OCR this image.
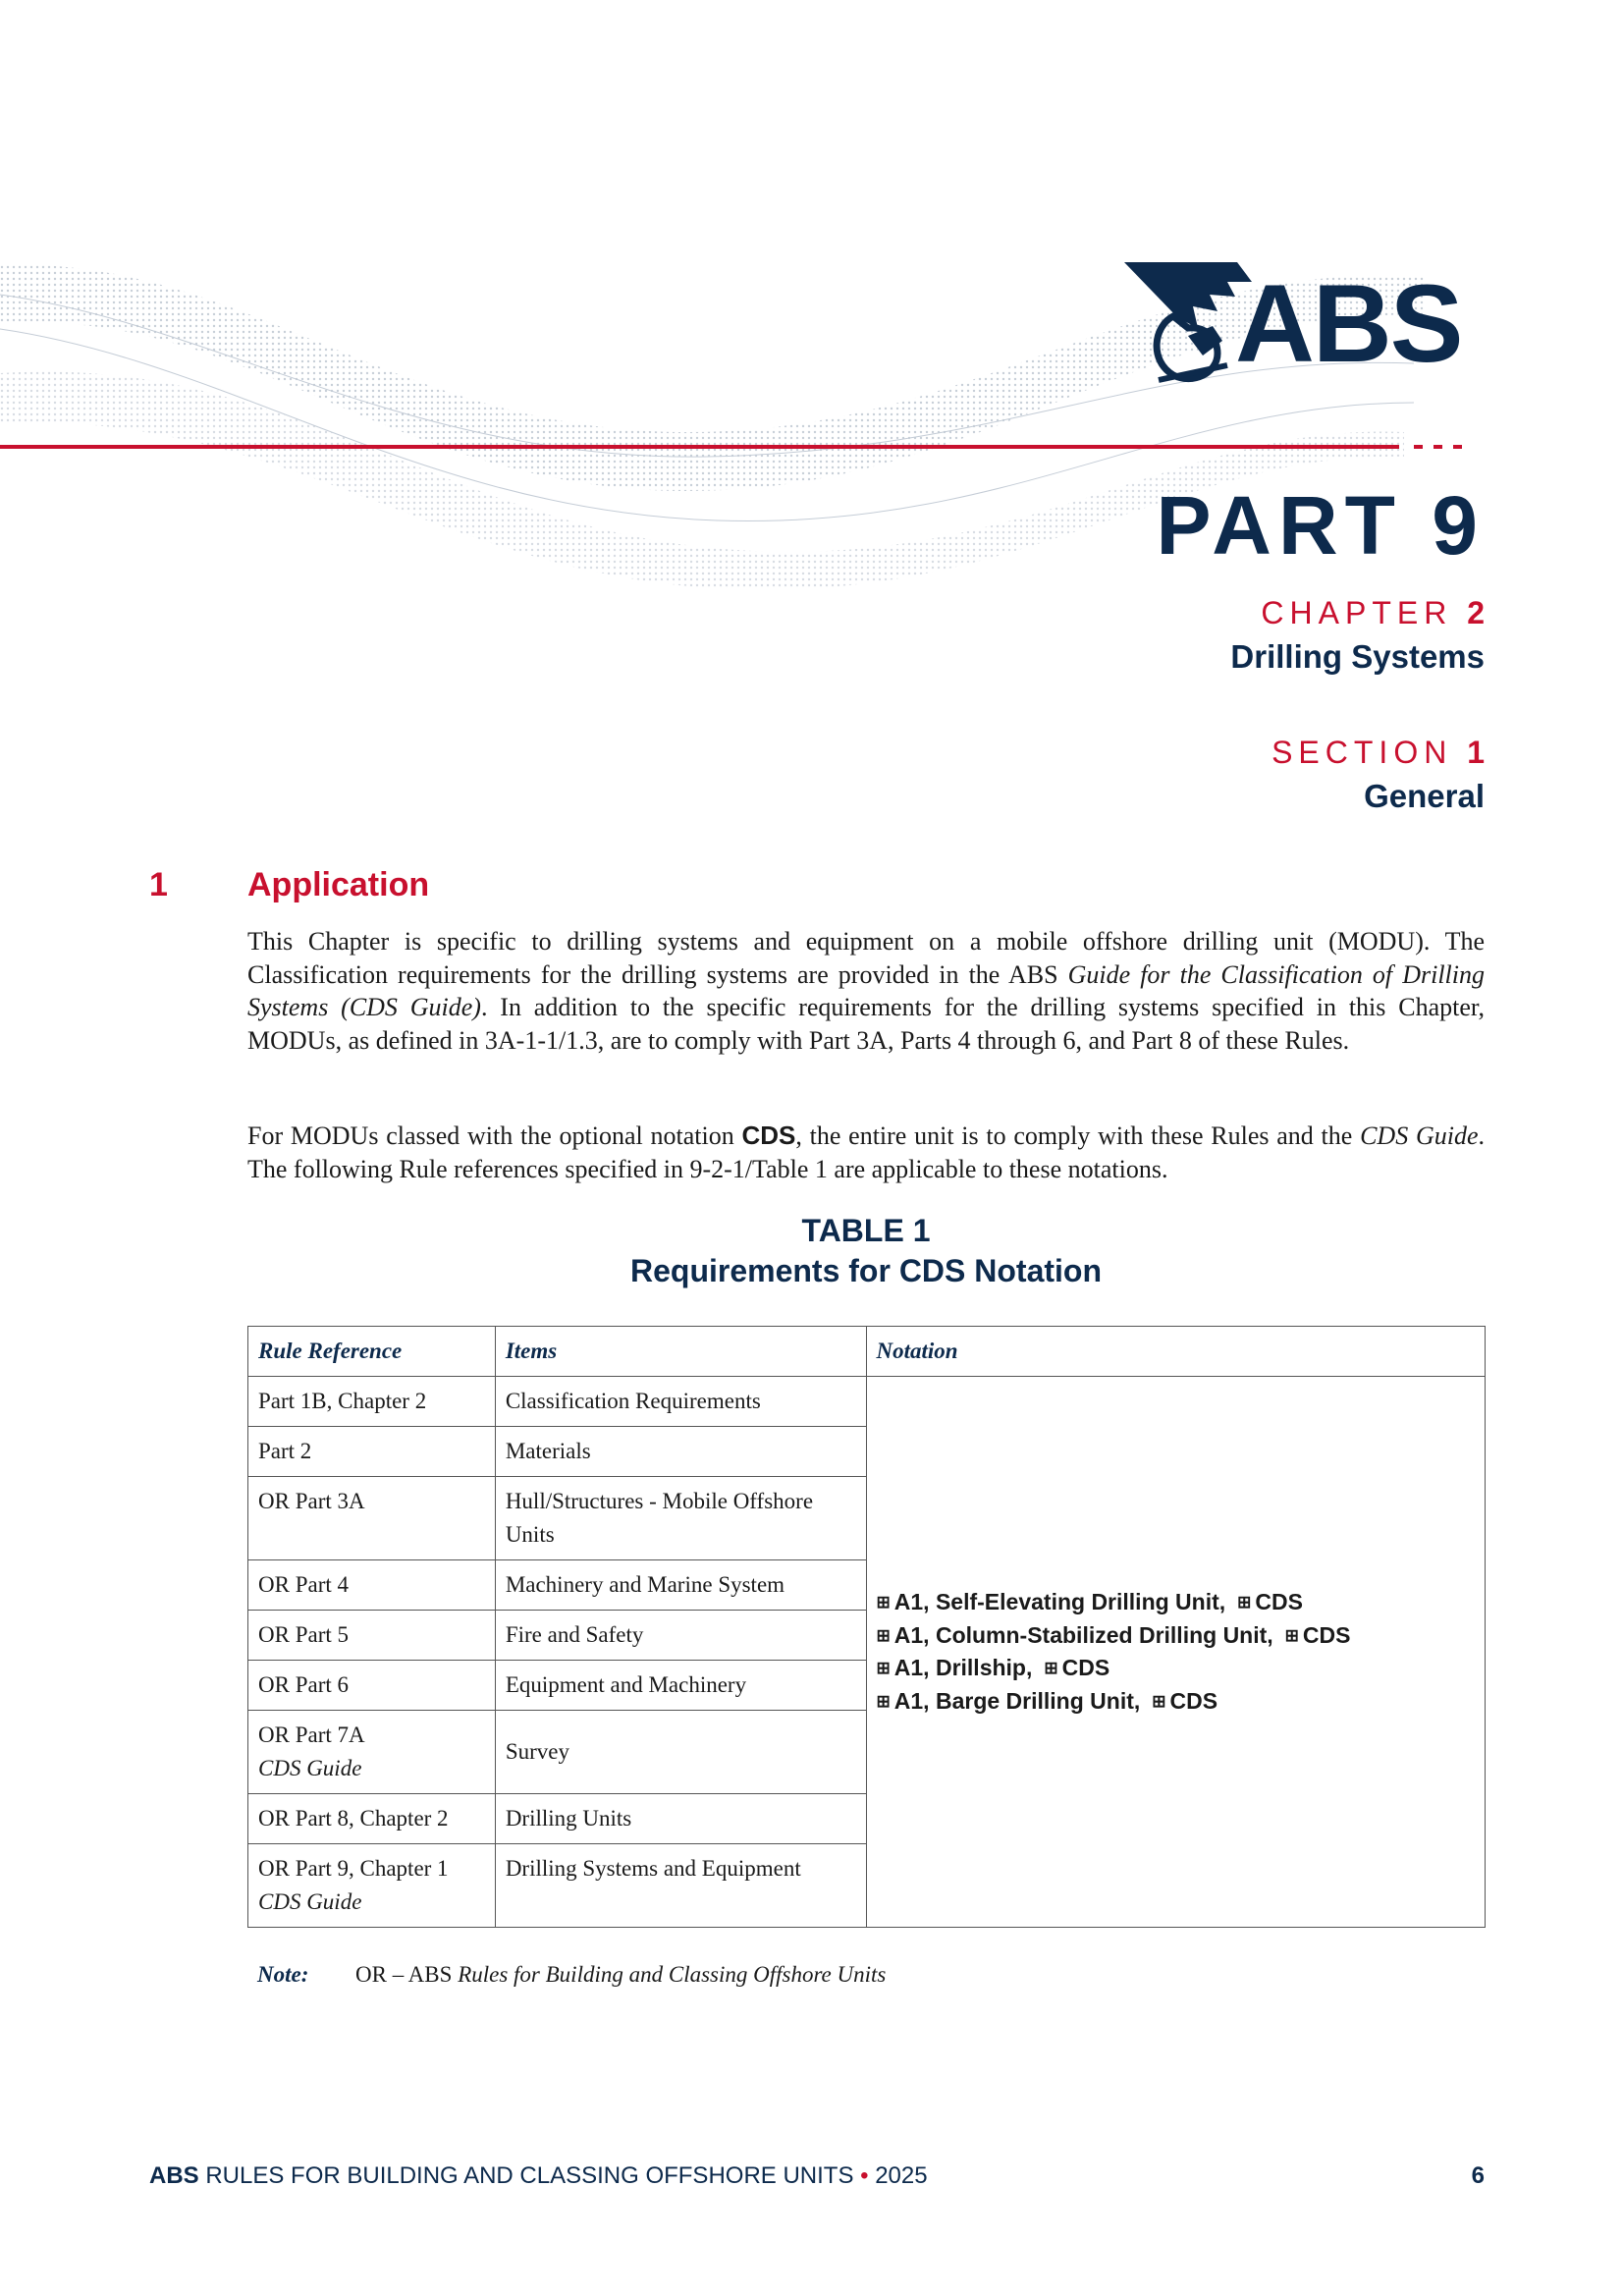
ABS
PART 9
CHAPTER 2
Drilling Systems
SECTION 1
General
1 Application
This Chapter is specific to drilling systems and equipment on a mobile offshore drilling unit (MODU). The Classification requirements for the drilling systems are provided in the ABS Guide for the Classification of Drilling Systems (CDS Guide). In addition to the specific requirements for the drilling systems specified in this Chapter, MODUs, as defined in 3A-1-1/1.3, are to comply with Part 3A, Parts 4 through 6, and Part 8 of these Rules.
For MODUs classed with the optional notation CDS, the entire unit is to comply with these Rules and the CDS Guide. The following Rule references specified in 9-2-1/Table 1 are applicable to these notations.
TABLE 1
Requirements for CDS Notation
Rule Reference	Items	Notation
Part 1B, Chapter 2	Classification Requirements	⊞ A1, Self-Elevating Drilling Unit, ⊞ CDS
⊞ A1, Column-Stabilized Drilling Unit, ⊞ CDS
⊞ A1, Drillship, ⊞ CDS
⊞ A1, Barge Drilling Unit, ⊞ CDS

Part 2	Materials	
OR Part 3A	Hull/Structures - Mobile Offshore Units	
OR Part 4	Machinery and Marine System	
OR Part 5	Fire and Safety	
OR Part 6	Equipment and Machinery	
OR Part 7A
CDS Guide	Survey	
OR Part 8, Chapter 2	Drilling Units	
OR Part 9, Chapter 1
CDS Guide	Drilling Systems and Equipment	
Note: OR – ABS Rules for Building and Classing Offshore Units
ABS RULES FOR BUILDING AND CLASSING OFFSHORE UNITS • 2025	6
